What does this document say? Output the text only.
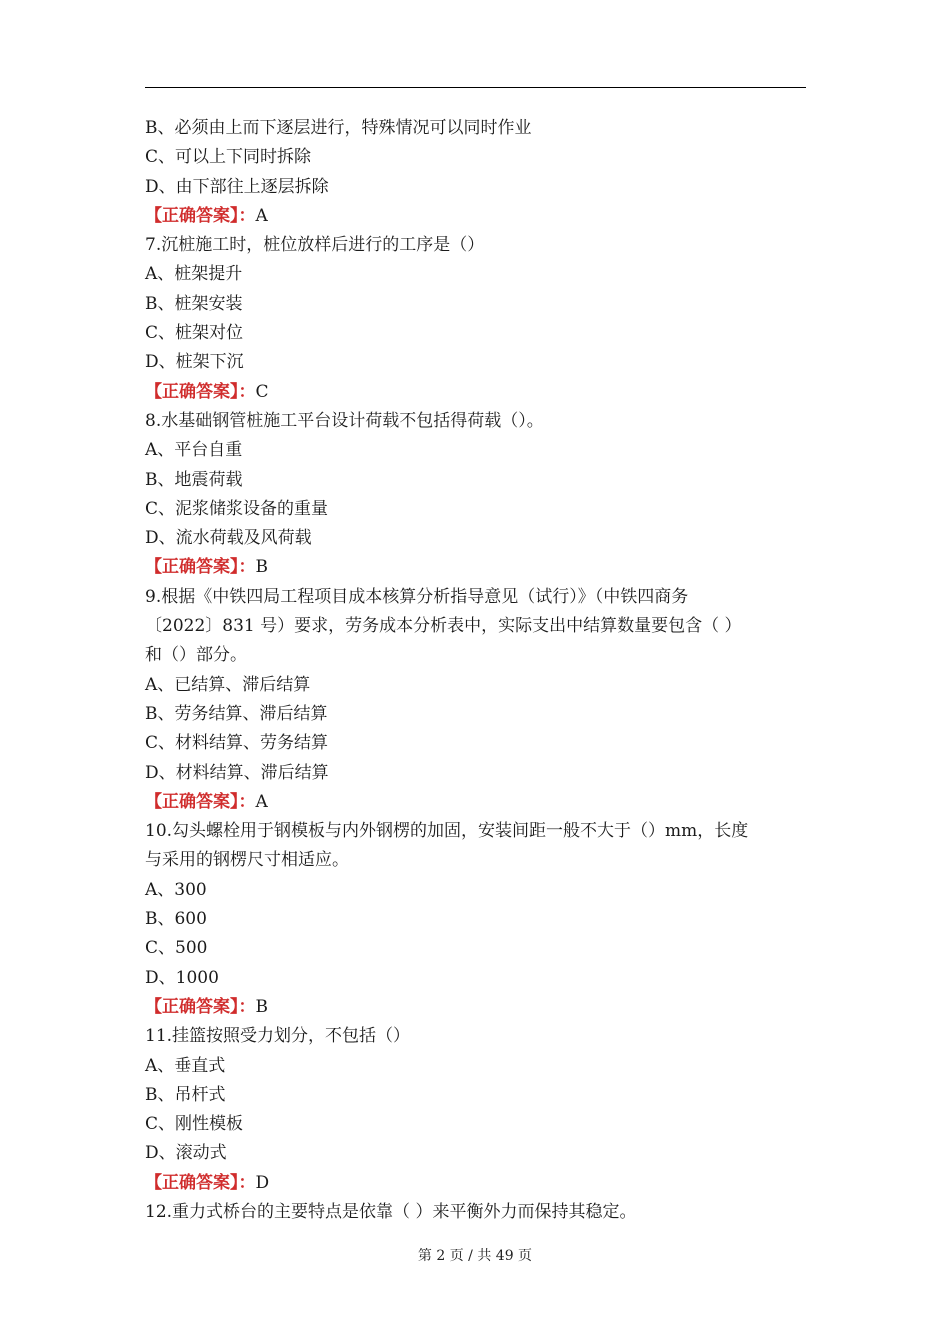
B、必须由上而下逐层进行，特殊情况可以同时作业
C、可以上下同时拆除
D、由下部往上逐层拆除
【正确答案】：A
7.沉桩施工时，桩位放样后进行的工序是（）
A、桩架提升
B、桩架安装
C、桩架对位
D、桩架下沉
【正确答案】：C
8.水基础钢管桩施工平台设计荷载不包括得荷载（）。
A、平台自重
B、地震荷载
C、泥浆储浆设备的重量
D、流水荷载及风荷载
【正确答案】：B
9.根据《中铁四局工程项目成本核算分析指导意见（试行）》（中铁四商务
〔2022〕831 号）要求，劳务成本分析表中，实际支出中结算数量要包含（ ）
和（）部分。
A、已结算、滞后结算
B、劳务结算、滞后结算
C、材料结算、劳务结算
D、材料结算、滞后结算
【正确答案】：A
10.勾头螺栓用于钢模板与内外钢楞的加固，安装间距一般不大于（）mm，长度
与采用的钢楞尺寸相适应。
A、300
B、600
C、500
D、1000
【正确答案】：B
11.挂篮按照受力划分，不包括（）
A、垂直式
B、吊杆式
C、刚性模板
D、滚动式
【正确答案】：D
12.重力式桥台的主要特点是依靠（ ）来平衡外力而保持其稳定。
第 2 页 / 共 49 页
